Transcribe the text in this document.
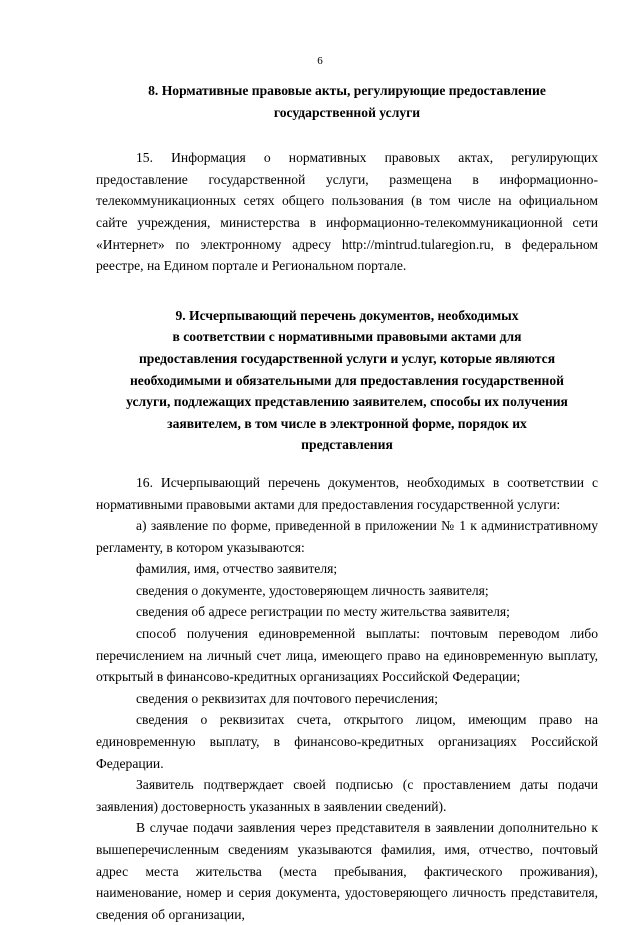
6
8. Нормативные правовые акты, регулирующие предоставление
государственной услуги

15. Информация о нормативных правовых актах, регулирующих предоставление государственной услуги, размещена в информационно-телекоммуникационных сетях общего пользования (в том числе на официальном сайте учреждения, министерства в информационно-телекоммуникационной сети «Интернет» по электронному адресу http://mintrud.tularegion.ru, в федеральном реестре, на Едином портале и Региональном портале.

9. Исчерпывающий перечень документов, необходимых
в соответствии с нормативными правовыми актами для
предоставления государственной услуги и услуг, которые являются
необходимыми и обязательными для предоставления государственной
услуги, подлежащих представлению заявителем, способы их получения
заявителем, в том числе в электронной форме, порядок их
представления

16. Исчерпывающий перечень документов, необходимых в соответствии с нормативными правовыми актами для предоставления государственной услуги:

а) заявление по форме, приведенной в приложении № 1 к административному регламенту, в котором указываются:

фамилия, имя, отчество заявителя;

сведения о документе, удостоверяющем личность заявителя;

сведения об адресе регистрации по месту жительства заявителя;

способ получения единовременной выплаты: почтовым переводом либо перечислением на личный счет лица, имеющего право на единовременную выплату, открытый в финансово-кредитных организациях Российской Федерации;

сведения о реквизитах для почтового перечисления;

сведения о реквизитах счета, открытого лицом, имеющим право на единовременную выплату, в финансово-кредитных организациях Российской Федерации.

Заявитель подтверждает своей подписью (с проставлением даты подачи заявления) достоверность указанных в заявлении сведений).

В случае подачи заявления через представителя в заявлении дополнительно к вышеперечисленным сведениям указываются фамилия, имя, отчество, почтовый адрес места жительства (места пребывания, фактического проживания), наименование, номер и серия документа, удостоверяющего личность представителя, сведения об организации,
